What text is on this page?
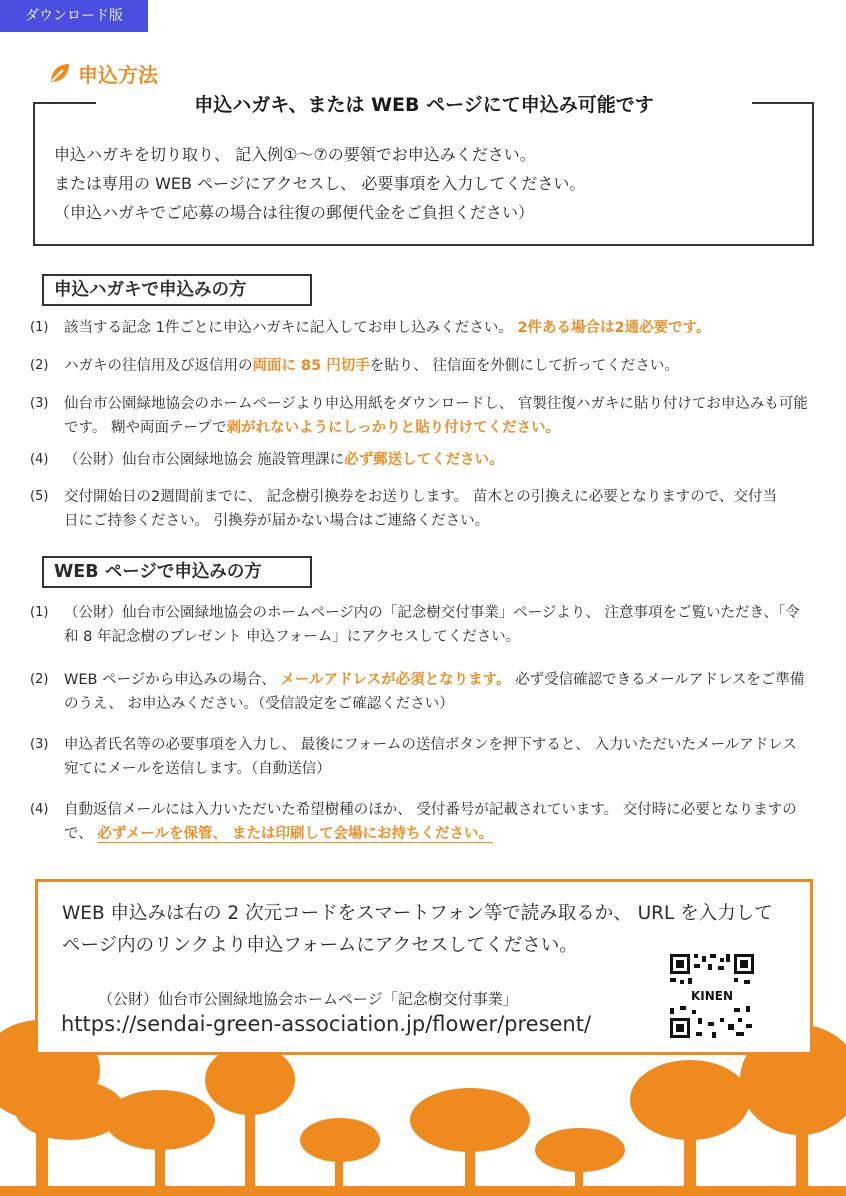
ダウンロード版
申込方法
申込ハガキ、または WEB ページにて申込み可能です
申込ハガキを切り取り、 記入例①～⑦の要領でお申込みください。
または専用の WEB ページにアクセスし、 必要事項を入力してください。
（申込ハガキでご応募の場合は往復の郵便代金をご負担ください）
申込ハガキで申込みの方
(1)	該当する記念 1件ごとに申込ハガキに記入してお申し込みください。 2件ある場合は2通必要です。
(2)	ハガキの往信用及び返信用の両面に 85 円切手を貼り、 往信面を外側にして折ってください。
(3)	仙台市公園緑地協会のホームページより申込用紙をダウンロードし、 官製往復ハガキに貼り付けてお申込みも可能です。 糊や両面テープで剥がれないようにしっかりと貼り付けてください。
(4)	（公財）仙台市公園緑地協会 施設管理課に必ず郵送してください。
(5)	交付開始日の2週間前までに、 記念樹引換券をお送りします。 苗木との引換えに必要となりますので、交付当日にご持参ください。 引換券が届かない場合はご連絡ください。
WEB ページで申込みの方
(1)	（公財）仙台市公園緑地協会のホームページ内の「記念樹交付事業」ページより、 注意事項をご覧いただき、「令和 8 年記念樹のプレゼント 申込フォーム」にアクセスしてください。
(2)	WEB ページから申込みの場合、 メールアドレスが必須となります。 必ず受信確認できるメールアドレスをご準備のうえ、 お申込みください。（受信設定をご確認ください）
(3)	申込者氏名等の必要事項を入力し、 最後にフォームの送信ボタンを押下すると、 入力いただいたメールアドレス宛てにメールを送信します。（自動送信）
(4)	自動返信メールには入力いただいた希望樹種のほか、 受付番号が記載されています。 交付時に必要となりますので、 必ずメールを保管、 または印刷して会場にお持ちください。
WEB 申込みは右の 2 次元コードをスマートフォン等で読み取るか、 URL を入力して
ページ内のリンクより申込フォームにアクセスしてください。
（公財）仙台市公園緑地協会ホームページ「記念樹交付事業」
https://sendai-green-association.jp/flower/present/
KINEN
